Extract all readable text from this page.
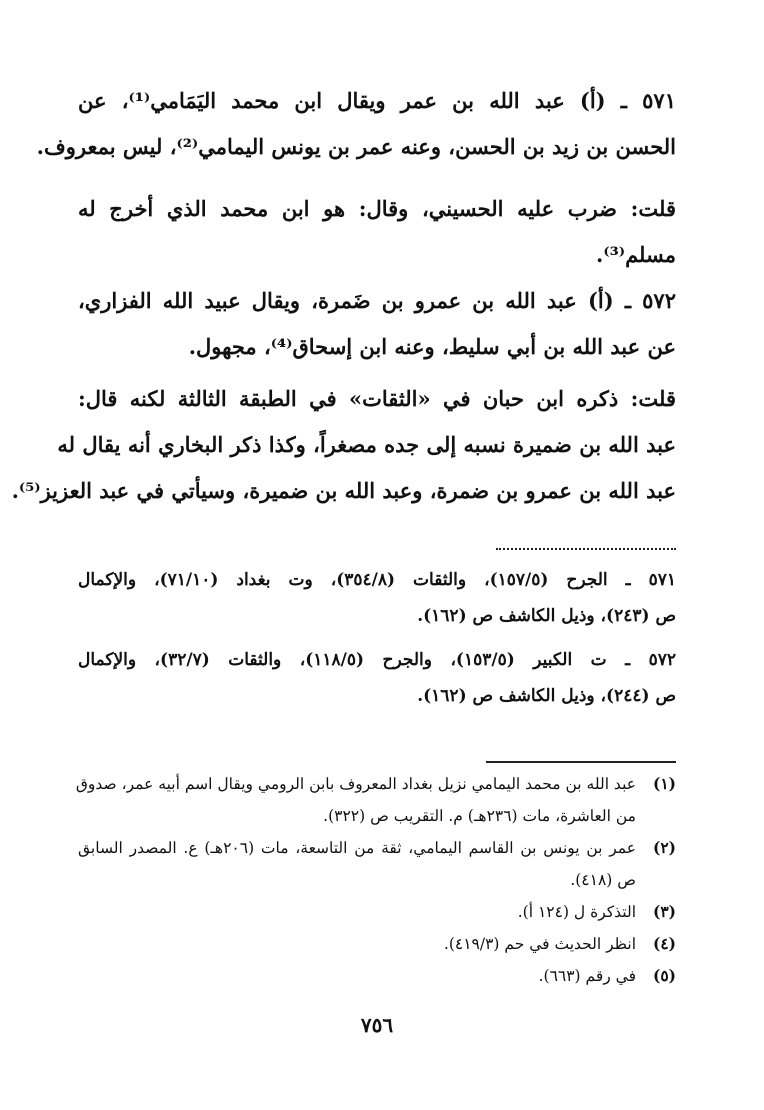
٥٧١ ـ (أ) عبد الله بن عمر ويقال ابن محمد اليَمَامي⁽¹⁾، عن
الحسن بن زيد بن الحسن، وعنه عمر بن يونس اليمامي⁽²⁾، ليس بمعروف.
قلت: ضرب عليه الحسيني، وقال: هو ابن محمد الذي أخرج له
مسلم⁽³⁾.
٥٧٢ ـ (أ) عبد الله بن عمرو بن ضَمرة، ويقال عبيد الله الفزاري،
عن عبد الله بن أبي سليط، وعنه ابن إسحاق⁽⁴⁾، مجهول.
قلت: ذكره ابن حبان في «الثقات» في الطبقة الثالثة لكنه قال:
عبد الله بن ضميرة نسبه إلى جده مصغراً، وكذا ذكر البخاري أنه يقال له
عبد الله بن عمرو بن ضمرة، وعبد الله بن ضميرة، وسيأتي في عبد العزيز⁽⁵⁾.
٥٧١ ـ الجرح (١٥٧/٥)، والثقات (٣٥٤/٨)، وت بغداد (٧١/١٠)، والإكمال
ص (٢٤٣)، وذيل الكاشف ص (١٦٢).
٥٧٢ ـ ت الكبير (١٥٣/٥)، والجرح (١١٨/٥)، والثقات (٣٢/٧)، والإكمال
ص (٢٤٤)، وذيل الكاشف ص (١٦٢).
(١)
عبد الله بن محمد اليمامي نزيل بغداد المعروف بابن الرومي ويقال اسم أبيه عمر، صدوق
من العاشرة، مات (٢٣٦هـ) م. التقريب ص (٣٢٢).
(٢)
عمر بن يونس بن القاسم اليمامي، ثقة من التاسعة، مات (٢٠٦هـ) ع. المصدر السابق
ص (٤١٨).
(٣)
التذكرة ل (١٢٤ أ).
(٤)
انظر الحديث في حم (٤١٩/٣).
(٥)
في رقم (٦٦٣).
٧٥٦
